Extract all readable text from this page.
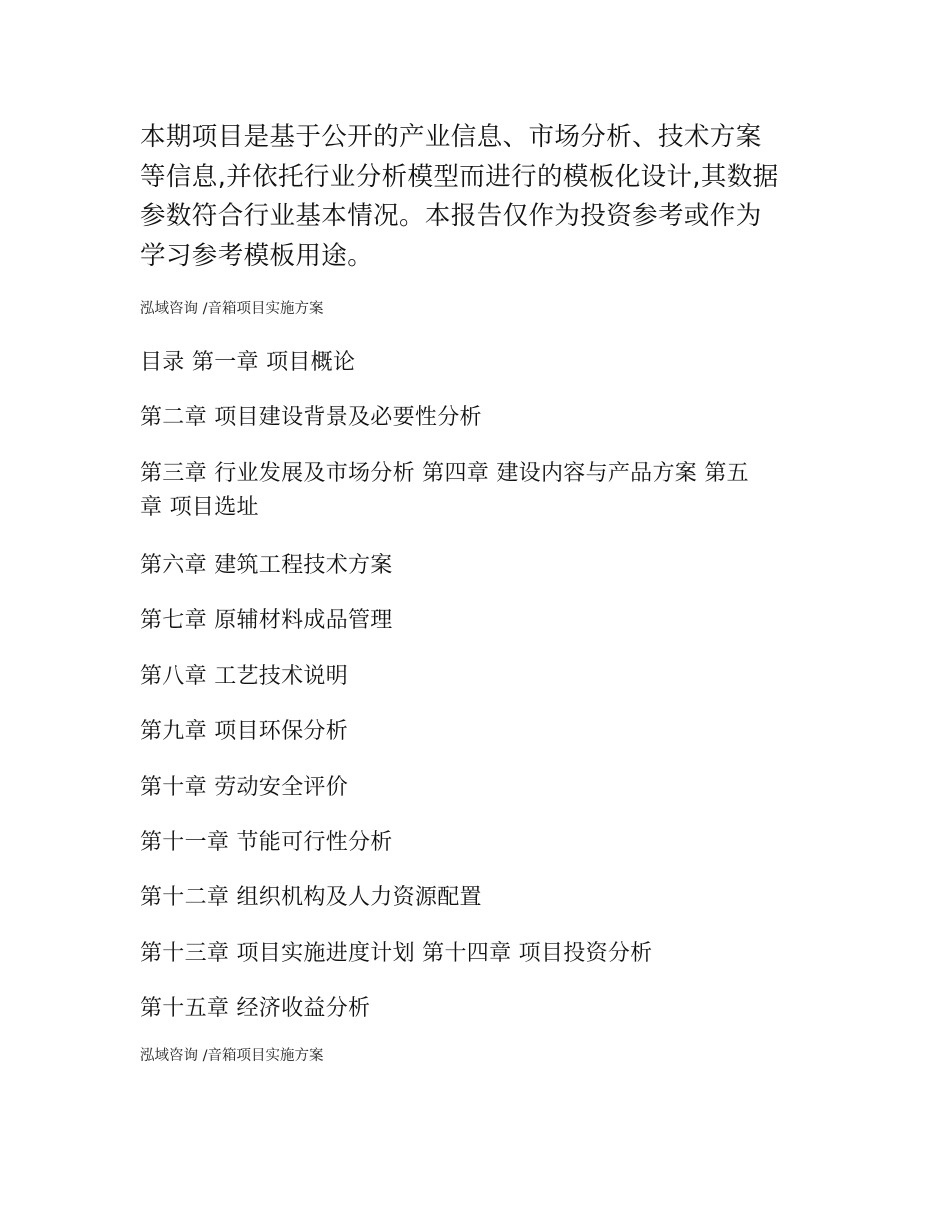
本期项目是基于公开的产业信息、市场分析、技术方案
等信息,并依托行业分析模型而进行的模板化设计,其数据
参数符合行业基本情况。本报告仅作为投资参考或作为
学习参考模板用途。

泓域咨询 /音箱项目实施方案
目录 第一章 项目概论
第二章 项目建设背景及必要性分析
第三章 行业发展及市场分析 第四章 建设内容与产品方案 第五
章 项目选址
第六章 建筑工程技术方案
第七章 原辅材料成品管理
第八章 工艺技术说明
第九章 项目环保分析
第十章 劳动安全评价
第十一章 节能可行性分析
第十二章 组织机构及人力资源配置
第十三章 项目实施进度计划 第十四章 项目投资分析
第十五章 经济收益分析
泓域咨询 /音箱项目实施方案
